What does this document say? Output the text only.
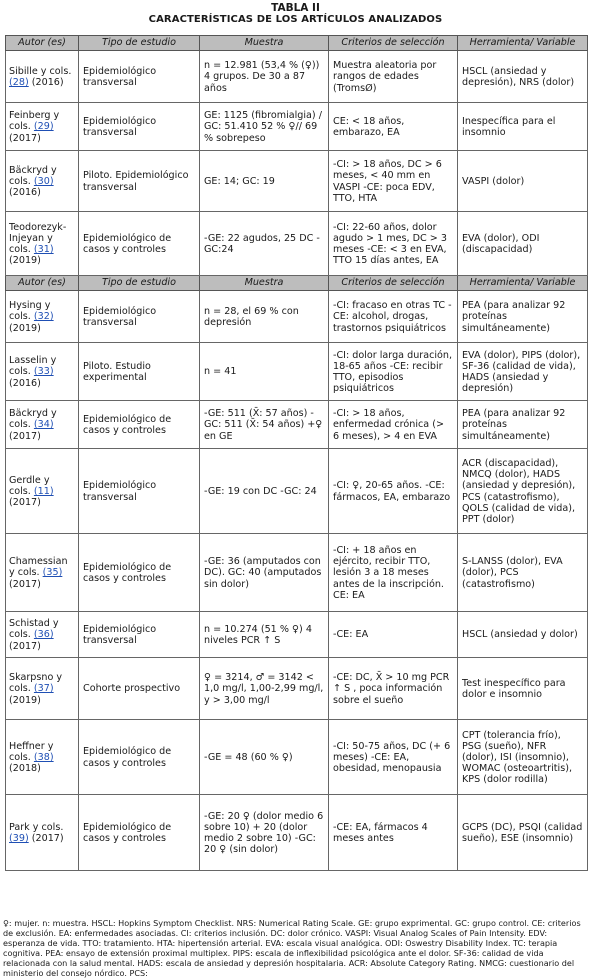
TABLA II
CARACTERÍSTICAS DE LOS ARTÍCULOS ANALIZADOS
Autor (es)	Tipo de estudio	Muestra	Criterios de selección	Herramienta/ Variable
Sibille y cols. (28) (2016)	Epidemiológico transversal	n = 12.981 (53,4 % (♀)) 4 grupos. De 30 a 87 años	Muestra aleatoria por rangos de edades (TromsØ)	HSCL (ansiedad y depresión), NRS (dolor)
Feinberg y cols. (29) (2017)	Epidemiológico transversal	GE: 1125 (fibromialgia) / GC: 51.410 52 % ♀// 69 % sobrepeso	CE: < 18 años, embarazo, EA	Inespecífica para el insomnio
Bäckryd y cols. (30) (2016)	Piloto. Epidemiológico transversal	GE: 14; GC: 19	-CI: > 18 años, DC > 6 meses, < 40 mm en VASPI -CE: poca EDV, TTO, HTA	VASPI (dolor)
Teodorezyk-Injeyan y cols. (31) (2019)	Epidemiológico de casos y controles	-GE: 22 agudos, 25 DC -GC:24	-CI: 22-60 años, dolor agudo > 1 mes, DC > 3 meses -CE: < 3 en EVA, TTO 15 días antes, EA	EVA (dolor), ODI (discapacidad)
Autor (es)	Tipo de estudio	Muestra	Criterios de selección	Herramienta/ Variable
Hysing y cols. (32) (2019)	Epidemiológico transversal	n = 28, el 69 % con depresión	-CI: fracaso en otras TC -CE: alcohol, drogas, trastornos psiquiátricos	PEA (para analizar 92 proteínas simultáneamente)
Lasselin y cols. (33) (2016)	Piloto. Estudio experimental	n = 41	-CI: dolor larga duración, 18-65 años -CE: recibir TTO, episodios psiquiátricos	EVA (dolor), PIPS (dolor), SF-36 (calidad de vida), HADS (ansiedad y depresión)
Bäckryd y cols. (34) (2017)	Epidemiológico de casos y controles	-GE: 511 (X̄: 57 años) -GC: 511 (X̄: 54 años) +♀ en GE	-CI: > 18 años, enfermedad crónica (> 6 meses), > 4 en EVA	PEA (para analizar 92 proteínas simultáneamente)
Gerdle y cols. (11) (2017)	Epidemiológico transversal	-GE: 19 con DC -GC: 24	-CI: ♀, 20-65 años. -CE: fármacos, EA, embarazo	ACR (discapacidad), NMCQ (dolor), HADS (ansiedad y depresión), PCS (catastrofismo), QOLS (calidad de vida), PPT (dolor)
Chamessian y cols. (35) (2017)	Epidemiológico de casos y controles	-GE: 36 (amputados con DC). GC: 40 (amputados sin dolor)	-CI: + 18 años en ejército, recibir TTO, lesión 3 a 18 meses antes de la inscripción. CE: EA	S-LANSS (dolor), EVA (dolor), PCS (catastrofismo)
Schistad y cols. (36) (2017)	Epidemiológico transversal	n = 10.274 (51 % ♀) 4 niveles PCR ↑ S	-CE: EA	HSCL (ansiedad y dolor)
Skarpsno y cols. (37) (2019)	Cohorte prospectivo	♀ = 3214, ♂ = 3142 < 1,0 mg/l, 1,00-2,99 mg/l, y > 3,00 mg/l	-CE: DC, X̄ > 10 mg PCR ↑ S , poca información sobre el sueño	Test inespecífico para dolor e insomnio
Heffner y cols. (38) (2018)	Epidemiológico de casos y controles	-GE = 48 (60 % ♀)	-CI: 50-75 años, DC (+ 6 meses) -CE: EA, obesidad, menopausia	CPT (tolerancia frío), PSG (sueño), NFR (dolor), ISI (insomnio), WOMAC (osteoartritis), KPS (dolor rodilla)
Park y cols. (39) (2017)	Epidemiológico de casos y controles	-GE: 20 ♀ (dolor medio 6 sobre 10) + 20 (dolor medio 2 sobre 10) -GC: 20 ♀ (sin dolor)	-CE: EA, fármacos 4 meses antes	GCPS (DC), PSQI (calidad sueño), ESE (insomnio)
♀: mujer. n: muestra. HSCL: Hopkins Symptom Checklist. NRS: Numerical Rating Scale. GE: grupo exprimental. GC: grupo control. CE: criterios de exclusión. EA: enfermedades asociadas. CI: criterios inclusión. DC: dolor crónico. VASPI: Visual Analog Scales of Pain Intensity. EDV: esperanza de vida. TTO: tratamiento. HTA: hipertensión arterial. EVA: escala visual analógica. ODI: Oswestry Disability Index. TC: terapia cognitiva. PEA: ensayo de extensión proximal multiplex. PIPS: escala de inflexibilidad psicológica ante el dolor. SF-36: calidad de vida relacionada con la salud mental. HADS: escala de ansiedad y depresión hospitalaria. ACR: Absolute Category Rating. NMCG: cuestionario del ministerio del consejo nórdico. PCS:
